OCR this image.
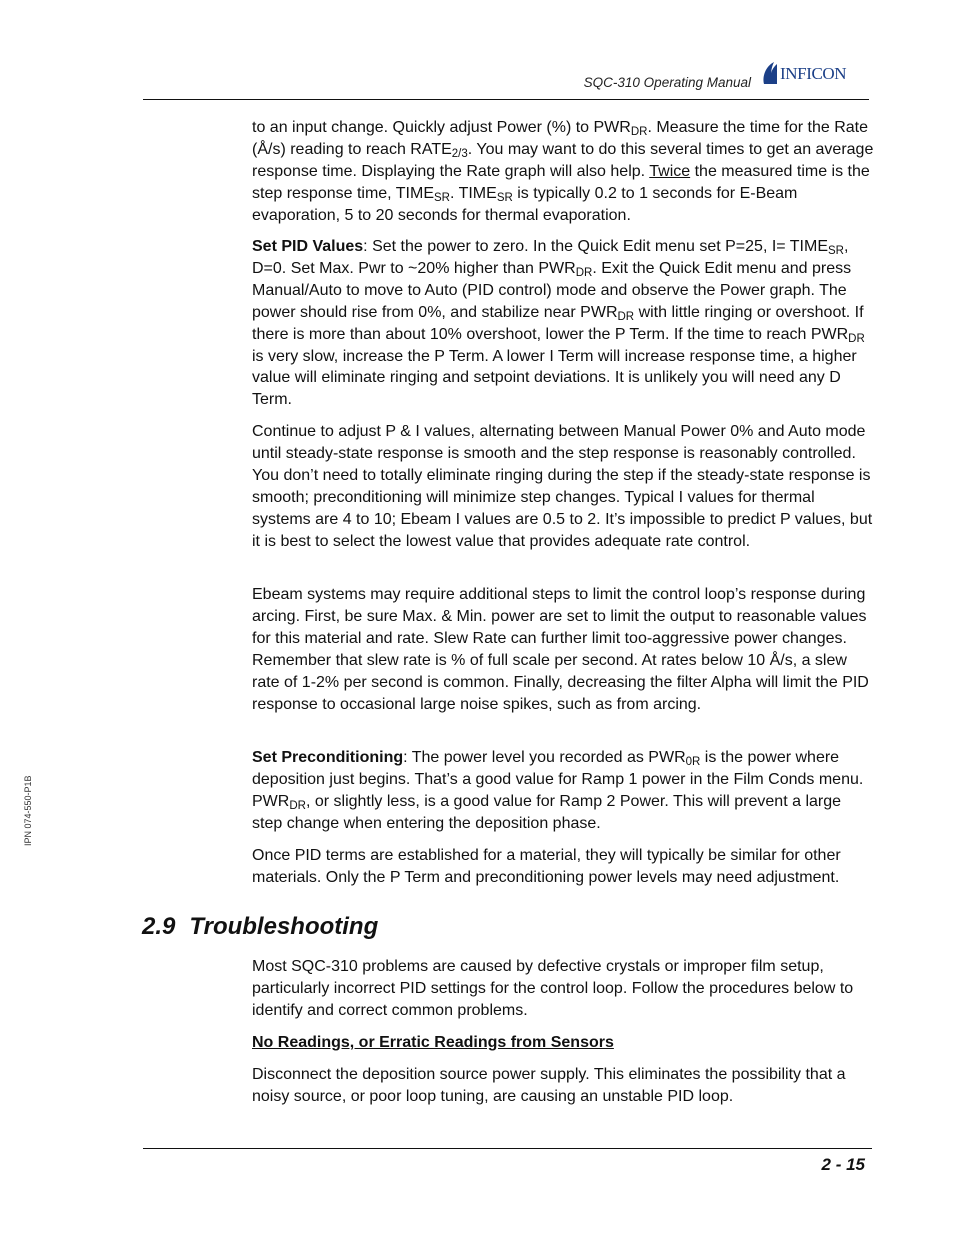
SQC-310 Operating Manual INFICON
IPN 074-550-P1B

to an input change. Quickly adjust Power (%) to $PWR_{DR}$. Measure the time for the Rate (Å/s) reading to reach $RATE_{2/3}$. You may want to do this several times to get an average response time. Displaying the Rate graph will also help. Twice the measured time is the step response time, $TIME_{SR}$. $TIME_{SR}$ is typically 0.2 to 1 seconds for E-Beam evaporation, 5 to 20 seconds for thermal evaporation.

Set PID Values: Set the power to zero. In the Quick Edit menu set P=25, $I= TIME_{SR}$, D=0. Set Max. Pwr to ~20% higher than $PWR_{DR}$. Exit the Quick Edit menu and press Manual/Auto to move to Auto (PID control) mode and observe the Power graph. The power should rise from 0%, and stabilize near $PWR_{DR}$ with little ringing or overshoot. If there is more than about 10% overshoot, lower the P Term. If the time to reach $PWR_{DR}$ is very slow, increase the P Term. A lower I Term will increase response time, a higher value will eliminate ringing and setpoint deviations. It is unlikely you will need any D Term.

Continue to adjust P & I values, alternating between Manual Power 0% and Auto mode until steady-state response is smooth and the step response is reasonably controlled. You don’t need to totally eliminate ringing during the step if the steady-state response is smooth; preconditioning will minimize step changes. Typical I values for thermal systems are 4 to 10; Ebeam I values are 0.5 to 2. It’s impossible to predict P values, but it is best to select the lowest value that provides adequate rate control.

Ebeam systems may require additional steps to limit the control loop’s response during arcing. First, be sure Max. & Min. power are set to limit the output to reasonable values for this material and rate. Slew Rate can further limit too-aggressive power changes. Remember that slew rate is % of full scale per second. At rates below 10 Å/s, a slew rate of 1-2% per second is common. Finally, decreasing the filter Alpha will limit the PID response to occasional large noise spikes, such as from arcing.

Set Preconditioning: The power level you recorded as $PWR_{0R}$ is the power where deposition just begins. That’s a good value for Ramp 1 power in the Film Conds menu. $PWR_{DR}$, or slightly less, is a good value for Ramp 2 Power. This will prevent a large step change when entering the deposition phase.

Once PID terms are established for a material, they will typically be similar for other materials. Only the P Term and preconditioning power levels may need adjustment.

2.9 Troubleshooting

Most SQC-310 problems are caused by defective crystals or improper film setup, particularly incorrect PID settings for the control loop. Follow the procedures below to identify and correct common problems.

No Readings, or Erratic Readings from Sensors

Disconnect the deposition source power supply. This eliminates the possibility that a noisy source, or poor loop tuning, are causing an unstable PID loop.

2 - 15
